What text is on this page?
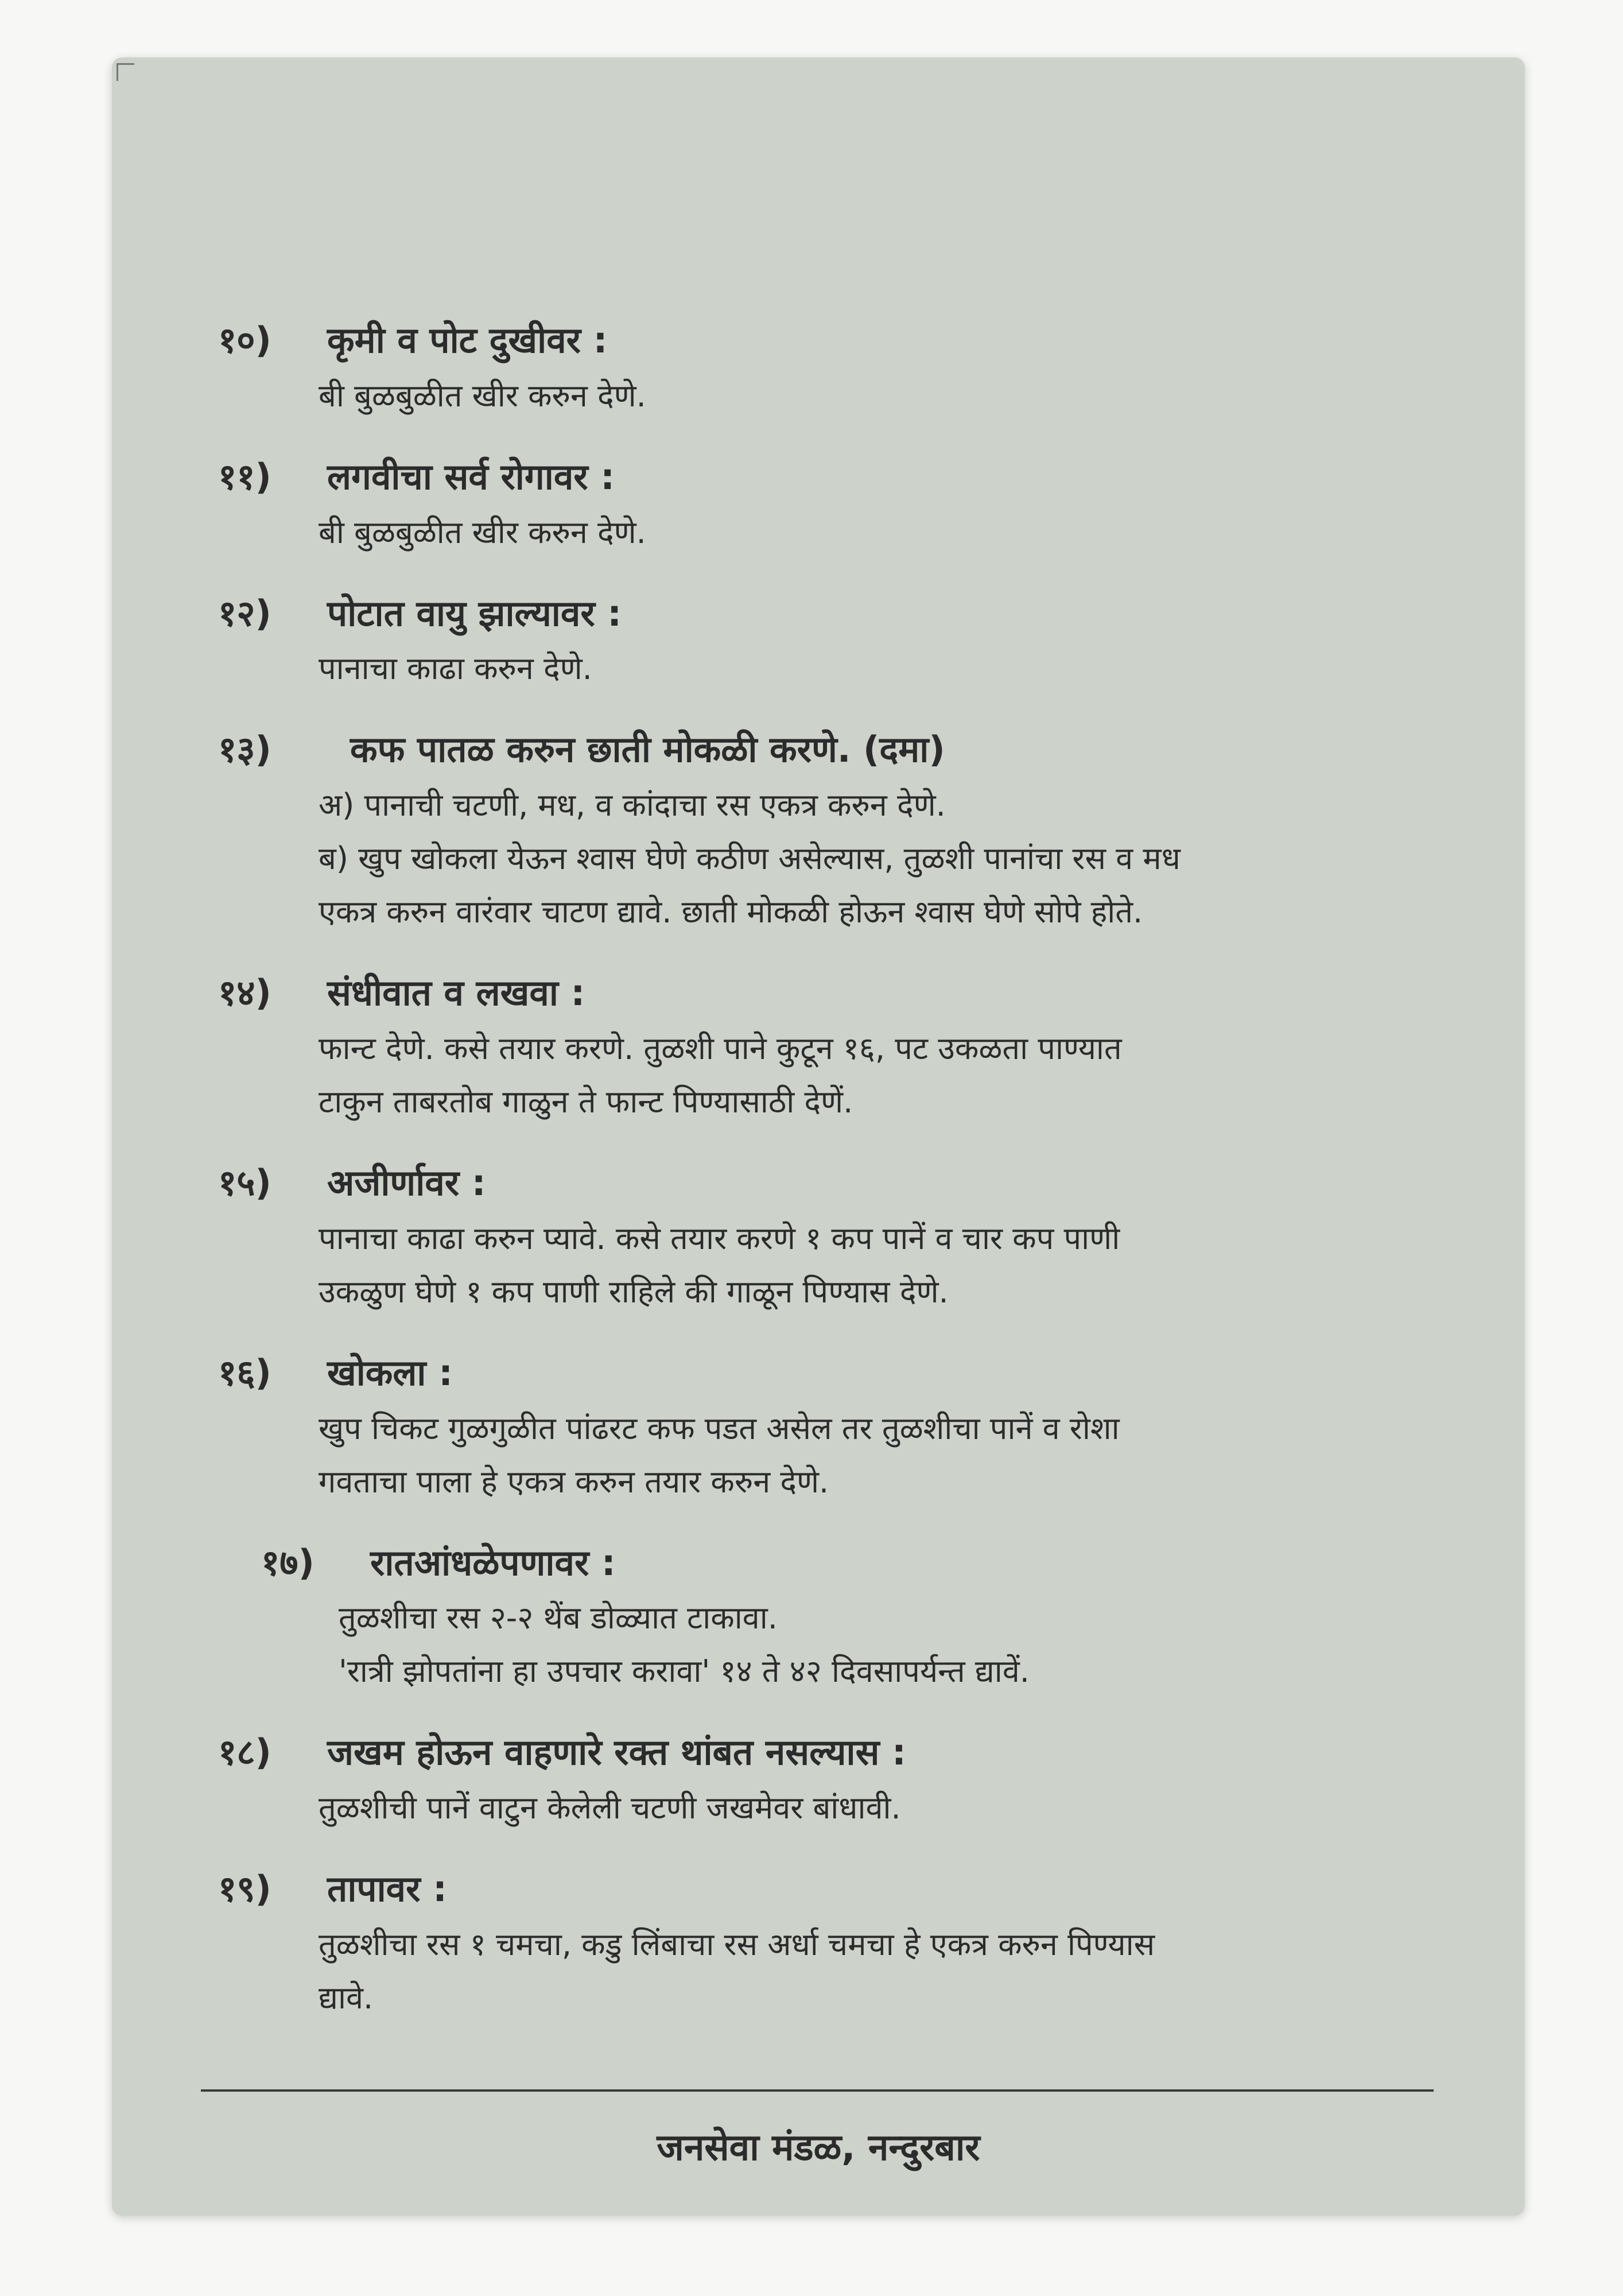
१०)	कृमी व पोट दुखीवर :
बी बुळबुळीत खीर करुन देणे.
११)	लगवीचा सर्व रोगावर :
बी बुळबुळीत खीर करुन देणे.
१२)	पोटात वायु झाल्यावर :
पानाचा काढा करुन देणे.
१३)	कफ पातळ करुन छाती मोकळी करणे. (दमा)
अ) पानाची चटणी, मध, व कांदाचा रस एकत्र करुन देणे.
ब) खुप खोकला येऊन श्वास घेणे कठीण असेल्यास, तुळशी पानांचा रस व मध
एकत्र करुन वारंवार चाटण द्यावे. छाती मोकळी होऊन श्वास घेणे सोपे होते.
१४)	संधीवात व लखवा :
फान्ट देणे. कसे तयार करणे. तुळशी पाने कुटून १६, पट उकळता पाण्यात
टाकुन ताबरतोब गाळुन ते फान्ट पिण्यासाठी देणें.
१५)	अजीर्णावर :
पानाचा काढा करुन प्यावे. कसे तयार करणे १ कप पानें व चार कप पाणी
उकळुण घेणे १ कप पाणी राहिले की गाळून पिण्यास देणे.
१६)	खोकला :
खुप चिकट गुळगुळीत पांढरट कफ पडत असेल तर तुळशीचा पानें व रोशा
गवताचा पाला हे एकत्र करुन तयार करुन देणे.
१७)	रातआंधळेपणावर :
तुळशीचा रस २-२ थेंब डोळ्यात टाकावा.
'रात्री झोपतांना हा उपचार करावा' १४ ते ४२ दिवसापर्यन्त द्यावें.
१८)	जखम होऊन वाहणारे रक्त थांबत नसल्यास :
तुळशीची पानें वाटुन केलेली चटणी जखमेवर बांधावी.
१९)	तापावर :
तुळशीचा रस १ चमचा, कडु लिंबाचा रस अर्धा चमचा हे एकत्र करुन पिण्यास
द्यावे.
जनसेवा मंडळ, नन्दुरबार
